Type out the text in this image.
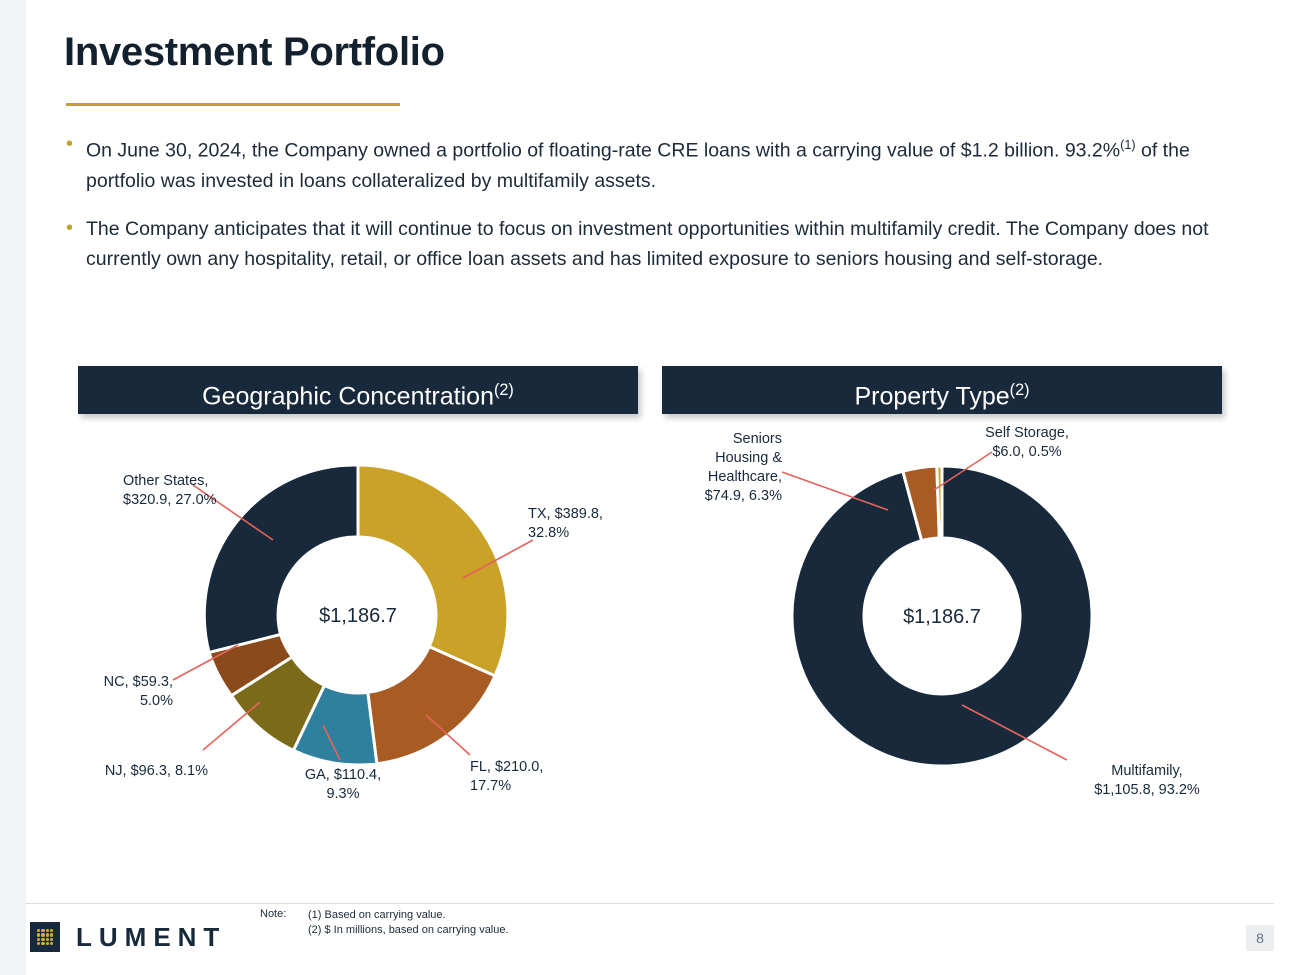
Investment Portfolio
• On June 30, 2024, the Company owned a portfolio of floating-rate CRE loans with a carrying value of $1.2 billion. 93.2%$^{(1)}$ of the portfolio was invested in loans collateralized by multifamily assets.
• The Company anticipates that it will continue to focus on investment opportunities within multifamily credit. The Company does not currently own any hospitality, retail, or office loan assets and has limited exposure to seniors housing and self-storage.
Geographic Concentration$^{(2)}$
$1,186.7
TX, $389.8,
32.8%
FL, $210.0,
17.7%
GA, $110.4,
9.3%
NJ, $96.3, 8.1%
NC, $59.3,
5.0%
Other States,
$320.9, 27.0%
Property Type$^{(2)}$
$1,186.7
Seniors
Housing &
Healthcare,
$74.9, 6.3%
Self Storage,
$6.0, 0.5%
Multifamily,
$1,105.8, 93.2%
LUMENT
Note: (1) Based on carrying value.
(2) $ In millions, based on carrying value.	8
